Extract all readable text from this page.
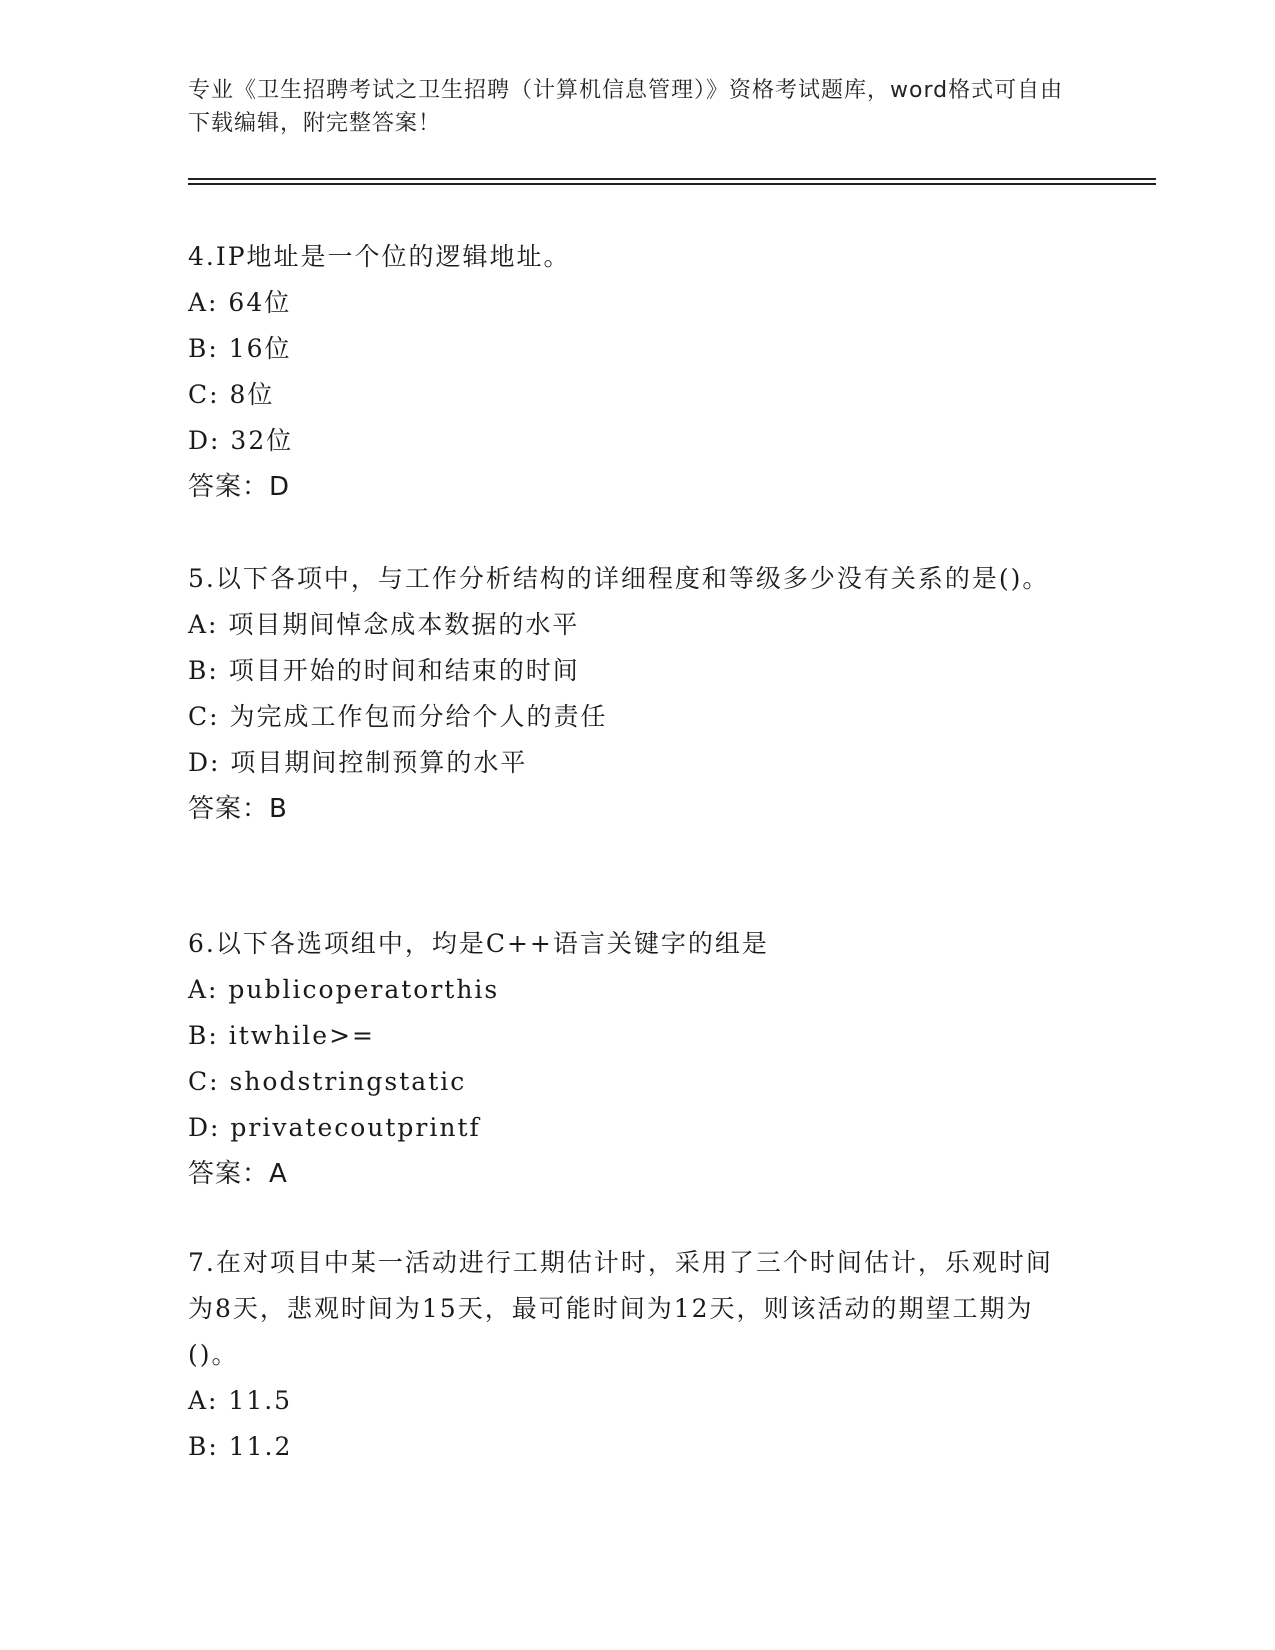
专业《卫生招聘考试之卫生招聘（计算机信息管理）》资格考试题库，word格式可自由下载编辑，附完整答案！

4.IP地址是一个位的逻辑地址。

A: 64位

B: 16位

C: 8位

D: 32位

答案：D

5.以下各项中，与工作分析结构的详细程度和等级多少没有关系的是()。

A: 项目期间悼念成本数据的水平

B: 项目开始的时间和结束的时间

C: 为完成工作包而分给个人的责任

D: 项目期间控制预算的水平

答案：B

6.以下各选项组中，均是C++语言关键字的组是

A: publicoperatorthis

B: itwhile>=

C: shodstringstatic

D: privatecoutprintf

答案：A

7.在对项目中某一活动进行工期估计时，采用了三个时间估计，乐观时间为8天，悲观时间为15天，最可能时间为12天，则该活动的期望工期为()。

A: 11.5

B: 11.2
